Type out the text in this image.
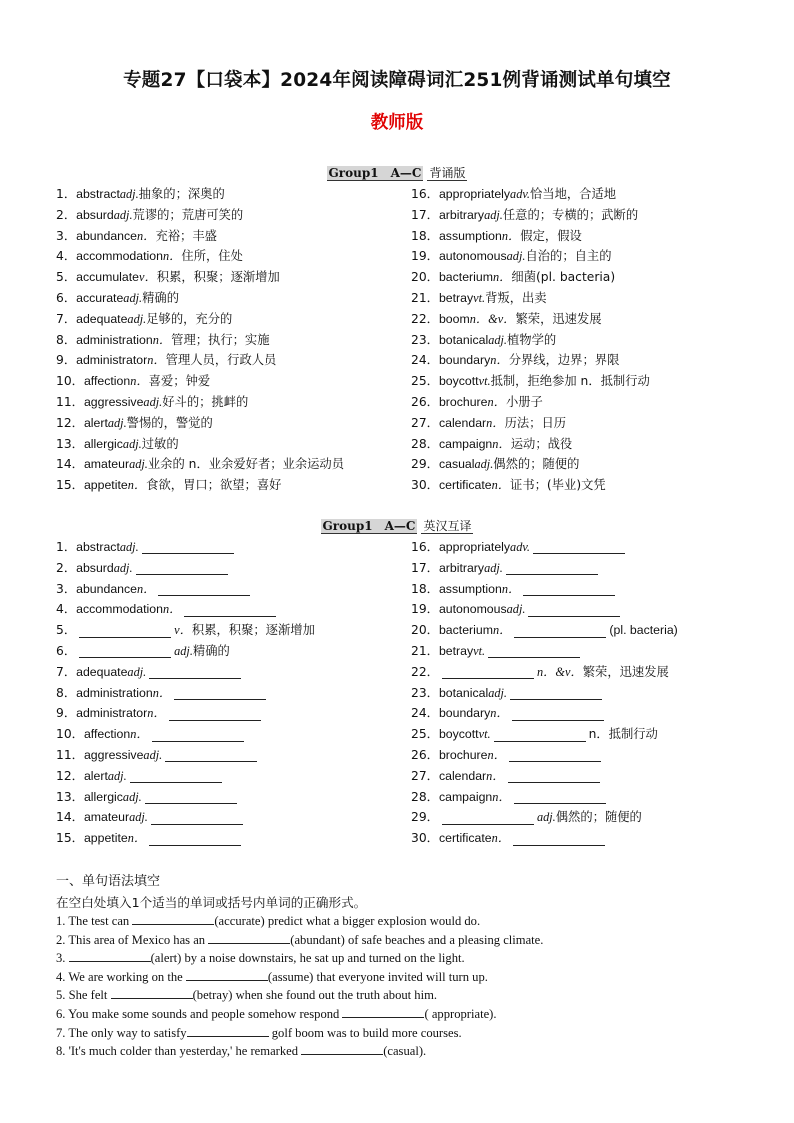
专题27【口袋本】2024年阅读障碍词汇251例背诵测试单句填空
教师版
Group1　A—C 背诵版
1． abstract adj. 抽象的；深奥的
2． absurd adj. 荒谬的；荒唐可笑的
3． abundance n． 充裕；丰盛
4． accommodation n． 住所，住处
5． accumulate v． 积累，积聚；逐渐增加
6． accurate adj. 精确的
7． adequate adj. 足够的，充分的
8． administration n． 管理；执行；实施
9． administrator n． 管理人员，行政人员
10． affection n． 喜爱；钟爱
11． aggressive adj. 好斗的；挑衅的
12． alert adj. 警惕的，警觉的
13． allergic adj. 过敏的
14． amateur adj. 业余的 n．业余爱好者；业余运动员
15． appetite n． 食欲，胃口；欲望；喜好
16． appropriately adv. 恰当地，合适地
17． arbitrary adj. 任意的；专横的；武断的
18． assumption n． 假定，假设
19． autonomous adj. 自治的；自主的
20． bacterium n． 细菌(pl. bacteria)
21． betray vt. 背叛，出卖
22． boom n．&v． 繁荣，迅速发展
23． botanical adj. 植物学的
24． boundary n． 分界线，边界；界限
25． boycott vt. 抵制，拒绝参加 n．抵制行动
26． brochure n． 小册子
27． calendar n． 历法；日历
28． campaign n． 运动；战役
29． casual adj. 偶然的；随便的
30． certificate n． 证书；(毕业)文凭
Group1　A—C 英汉互译
1． abstract adj.
2． absurd adj.
3． abundance n．
4． accommodation n．
5．	v． 积累，积聚；逐渐增加
6．	adj. 精确的
7． adequate adj.
8． administration n．
9． administrator n．
10． affection n．
11． aggressive adj.
12． alert adj.
13． allergic adj.
14． amateur adj.
15． appetite n．
16． appropriately adv.
17． arbitrary adj.
18． assumption n．
19． autonomous adj.
20． bacterium n．	(pl. bacteria)
21． betray vt.
22．	n．&v． 繁荣，迅速发展
23． botanical adj.
24． boundary n．
25． boycott vt.	n．抵制行动
26． brochure n．
27． calendar n．
28． campaign n．
29．	adj. 偶然的；随便的
30． certificate n．
一、单句语法填空
在空白处填入1个适当的单词或括号内单词的正确形式。
1. The test can	(accurate) predict what a bigger explosion would do.
2. This area of Mexico has an	(abundant) of safe beaches and a pleasing climate.
3.	(alert) by a noise downstairs, he sat up and turned on the light.
4. We are working on the	(assume) that everyone invited will turn up.
5. She felt	(betray) when she found out the truth about him.
6. You make some sounds and people somehow respond	( appropriate).
7. The only way to satisfy	golf boom was to build more courses.
8. 'It's much colder than yesterday,' he remarked	(casual).
